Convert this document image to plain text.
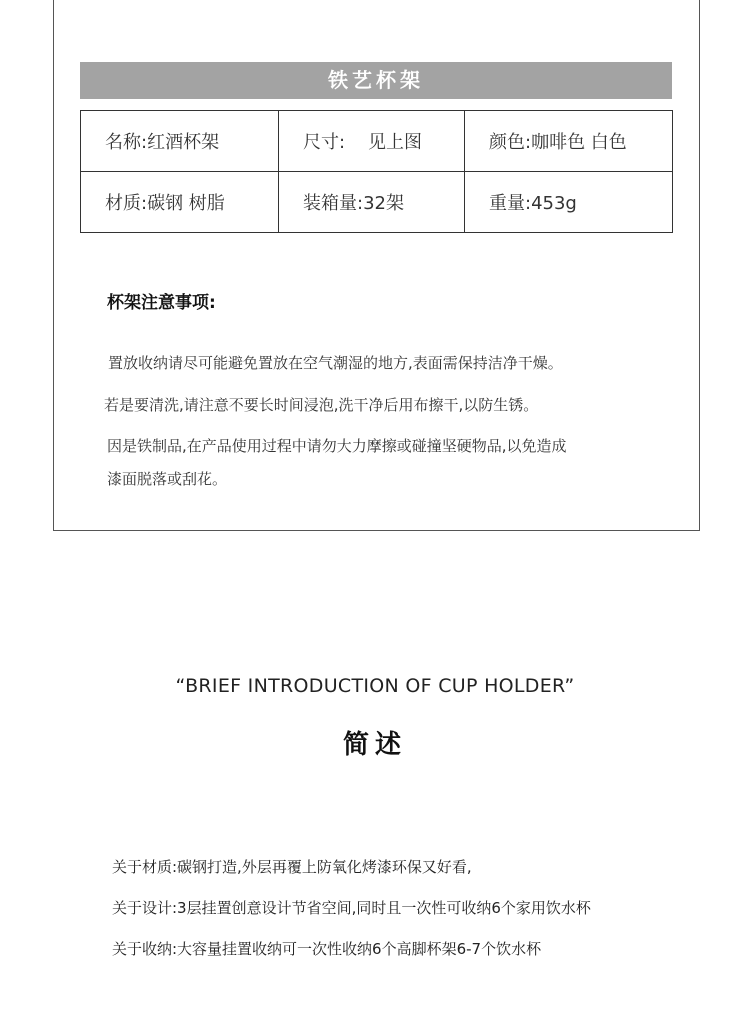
铁艺杯架
名称:红酒杯架	尺寸:    见上图	颜色:咖啡色 白色
材质:碳钢 树脂	装箱量:32架	重量:453g
杯架注意事项:
置放收纳请尽可能避免置放在空气潮湿的地方,表面需保持洁净干燥。
若是要清洗,请注意不要长时间浸泡,洗干净后用布擦干,以防生锈。
因是铁制品,在产品使用过程中请勿大力摩擦或碰撞坚硬物品,以免造成
漆面脱落或刮花。
“BRIEF INTRODUCTION OF CUP HOLDER”
简述
关于材质:碳钢打造,外层再覆上防氧化烤漆环保又好看,
关于设计:3层挂置创意设计节省空间,同时且一次性可收纳6个家用饮水杯
关于收纳:大容量挂置收纳可一次性收纳6个高脚杯架6-7个饮水杯
